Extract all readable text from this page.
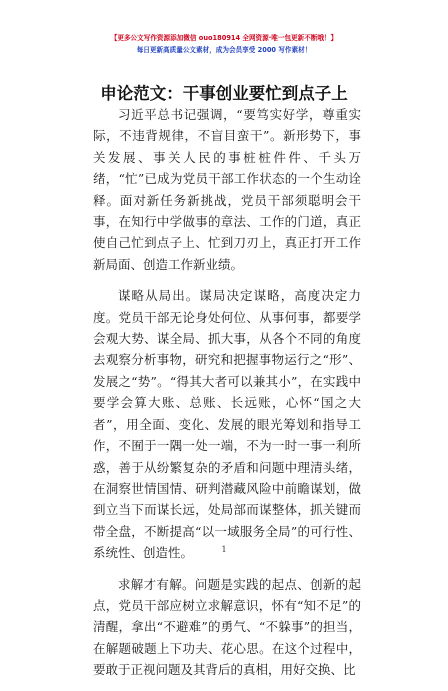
【更多公文写作资源添加微信 ouo180914 全网资源·唯一包更新不断哦！】
每日更新高质量公文素材，成为会员享受 2000 写作素材！
申论范文：干事创业要忙到点子上

习近平总书记强调，“要笃实好学，尊重实际，不违背规律，不盲目蛮干”。新形势下，事关发展、事关人民的事桩桩件件、千头万绪，“忙”已成为党员干部工作状态的一个生动诠释。面对新任务新挑战，党员干部须聪明会干事，在知行中学做事的章法、工作的门道，真正使自己忙到点子上、忙到刀刃上，真正打开工作新局面、创造工作新业绩。

谋略从局出。谋局决定谋略，高度决定力度。党员干部无论身处何位、从事何事，都要学会观大势、谋全局、抓大事，从各个不同的角度去观察分析事物，研究和把握事物运行之“形”、发展之“势”。“得其大者可以兼其小”，在实践中要学会算大账、总账、长远账，心怀“国之大者”，用全面、变化、发展的眼光筹划和指导工作，不囿于一隅一处一端，不为一时一事一利所惑，善于从纷繁复杂的矛盾和问题中理清头绪，在洞察世情国情、研判潜藏风险中前瞻谋划，做到立当下而谋长远，处局部而谋整体，抓关键而带全盘，不断提高“以一域服务全局”的可行性、系统性、创造性。

求解才有解。问题是实践的起点、创新的起点，党员干部应树立求解意识，怀有“知不足”的清醒，拿出“不避难”的勇气、“不躲事”的担当，在解题破题上下功夫、花心思。在这个过程中，要敢于正视问题及其背后的真相，用好交换、比

1
